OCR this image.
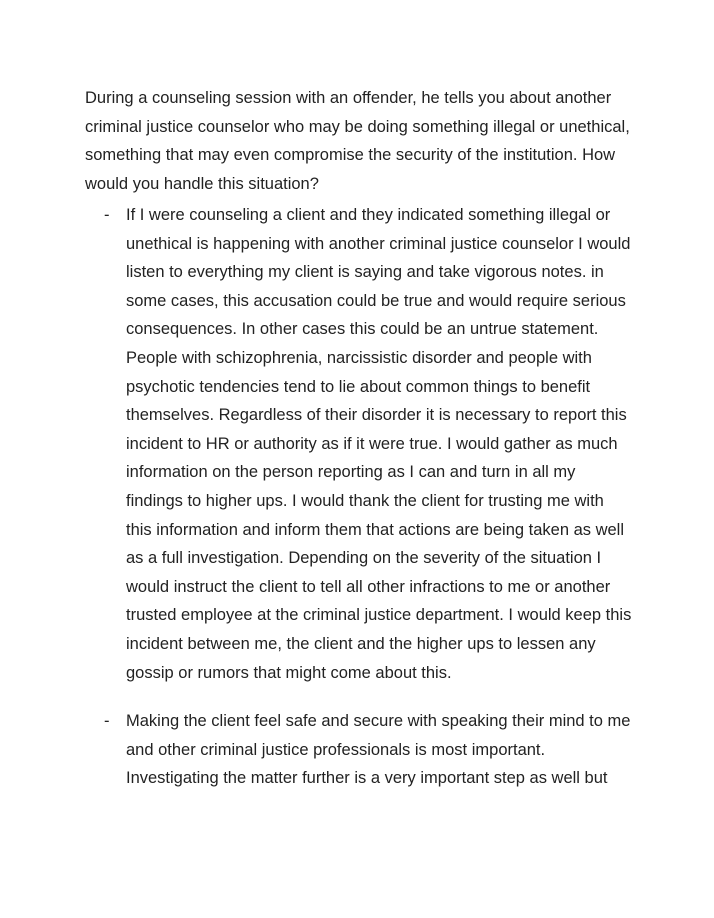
During a counseling session with an offender, he tells you about another criminal justice counselor who may be doing something illegal or unethical, something that may even compromise the security of the institution. How would you handle this situation?

- If I were counseling a client and they indicated something illegal or unethical is happening with another criminal justice counselor I would listen to everything my client is saying and take vigorous notes. in some cases, this accusation could be true and would require serious consequences. In other cases this could be an untrue statement. People with schizophrenia, narcissistic disorder and people with psychotic tendencies tend to lie about common things to benefit themselves. Regardless of their disorder it is necessary to report this incident to HR or authority as if it were true. I would gather as much information on the person reporting as I can and turn in all my findings to higher ups. I would thank the client for trusting me with this information and inform them that actions are being taken as well as a full investigation. Depending on the severity of the situation I would instruct the client to tell all other infractions to me or another trusted employee at the criminal justice department. I would keep this incident between me, the client and the higher ups to lessen any gossip or rumors that might come about this.
- Making the client feel safe and secure with speaking their mind to me and other criminal justice professionals is most important. Investigating the matter further is a very important step as well but
